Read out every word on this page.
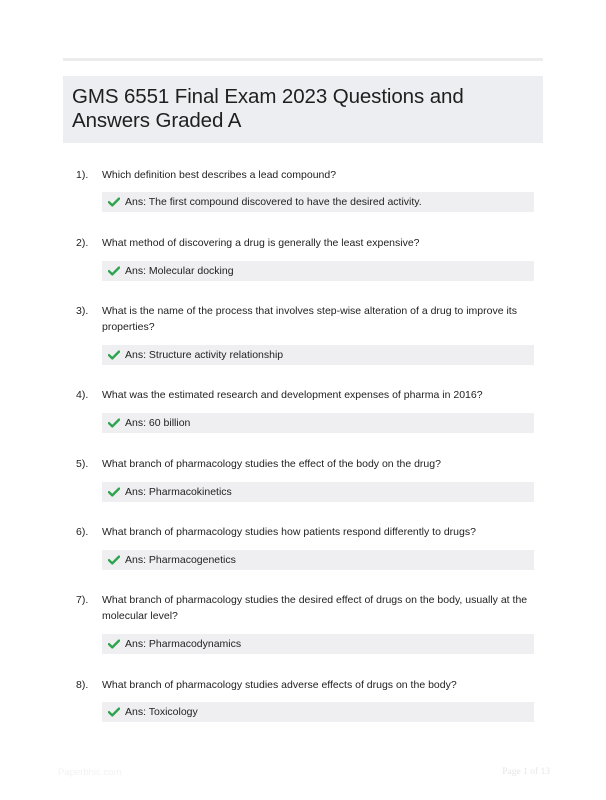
GMS 6551 Final Exam 2023 Questions and Answers Graded A
1). Which definition best describes a lead compound?
Ans: The first compound discovered to have the desired activity.
2). What method of discovering a drug is generally the least expensive?
Ans: Molecular docking
3). What is the name of the process that involves step-wise alteration of a drug to improve its properties?
Ans: Structure activity relationship
4). What was the estimated research and development expenses of pharma in 2016?
Ans: 60 billion
5). What branch of pharmacology studies the effect of the body on the drug?
Ans: Pharmacokinetics
6). What branch of pharmacology studies how patients respond differently to drugs?
Ans: Pharmacogenetics
7). What branch of pharmacology studies the desired effect of drugs on the body, usually at the molecular level?
Ans: Pharmacodynamics
8). What branch of pharmacology studies adverse effects of drugs on the body?
Ans: Toxicology
Paperbhic.com	Page 1 of 13
